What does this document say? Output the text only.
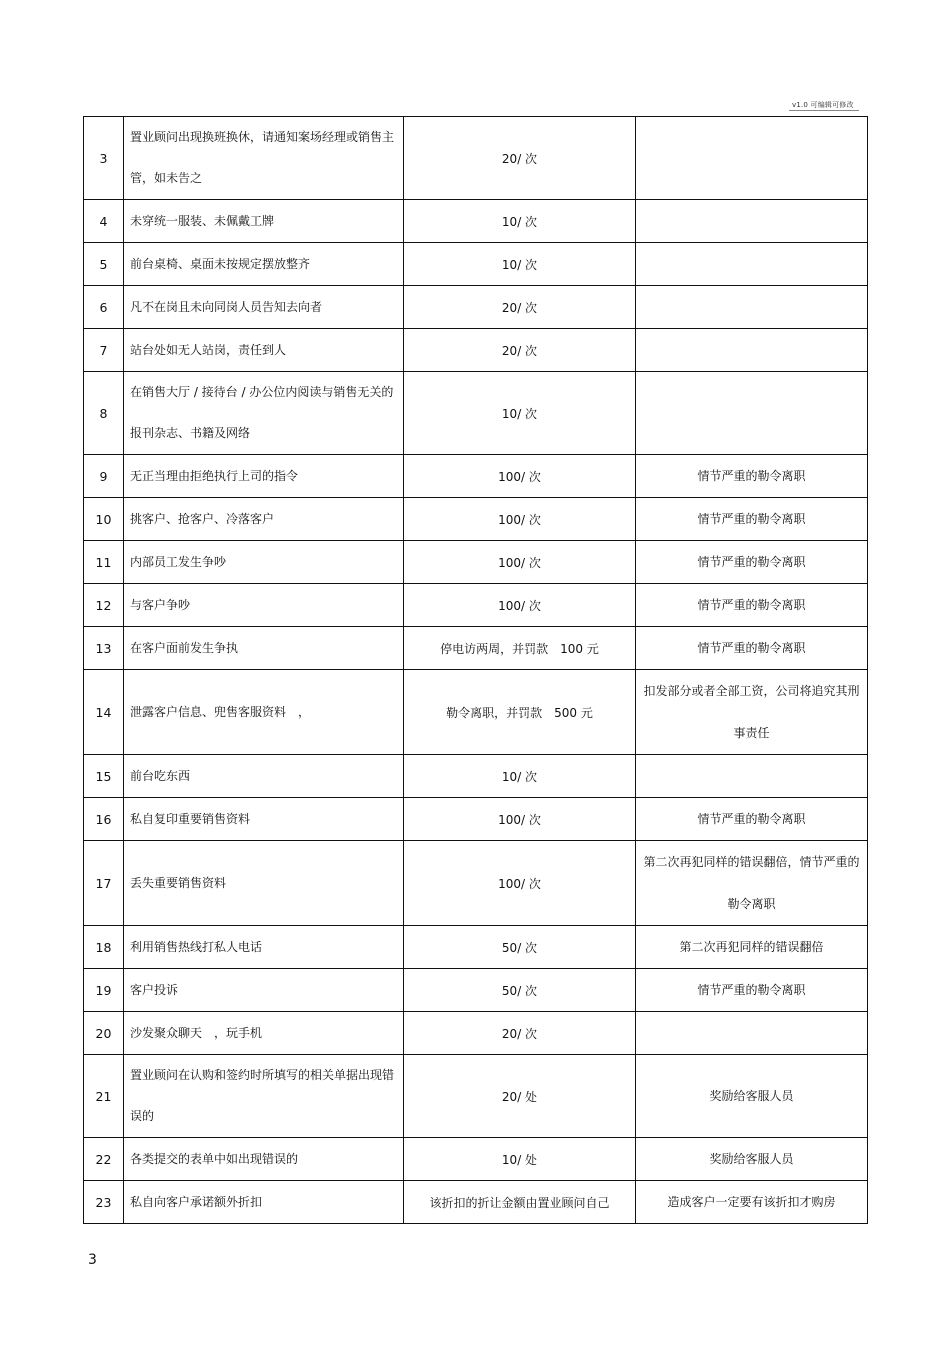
v1.0 可编辑可修改
3	置业顾问出现换班换休，请通知案场经理或销售主管，如未告之	20/ 次	
4	未穿统一服装、未佩戴工牌	10/ 次	
5	前台桌椅、桌面未按规定摆放整齐	10/ 次	
6	凡不在岗且未向同岗人员告知去向者	20/ 次	
7	站台处如无人站岗，责任到人	20/ 次	
8	在销售大厅 / 接待台 / 办公位内阅读与销售无关的报刊杂志、书籍及网络	10/ 次	
9	无正当理由拒绝执行上司的指令	100/ 次	情节严重的勒令离职
10	挑客户、抢客户、冷落客户	100/ 次	情节严重的勒令离职
11	内部员工发生争吵	100/ 次	情节严重的勒令离职
12	与客户争吵	100/ 次	情节严重的勒令离职
13	在客户面前发生争执	停电访两周，并罚款　100 元	情节严重的勒令离职
14	泄露客户信息、兜售客服资料　，	勒令离职，并罚款　500 元	扣发部分或者全部工资，公司将追究其刑事责任
15	前台吃东西	10/ 次	
16	私自复印重要销售资料	100/ 次	情节严重的勒令离职
17	丢失重要销售资料	100/ 次	第二次再犯同样的错误翻倍，情节严重的勒令离职
18	利用销售热线打私人电话	50/ 次	第二次再犯同样的错误翻倍
19	客户投诉	50/ 次	情节严重的勒令离职
20	沙发聚众聊天　，玩手机	20/ 次	
21	置业顾问在认购和签约时所填写的相关单据出现错误的	20/ 处	奖励给客服人员
22	各类提交的表单中如出现错误的	10/ 处	奖励给客服人员
23	私自向客户承诺额外折扣	该折扣的折让金额由置业顾问自己	造成客户一定要有该折扣才购房
3
